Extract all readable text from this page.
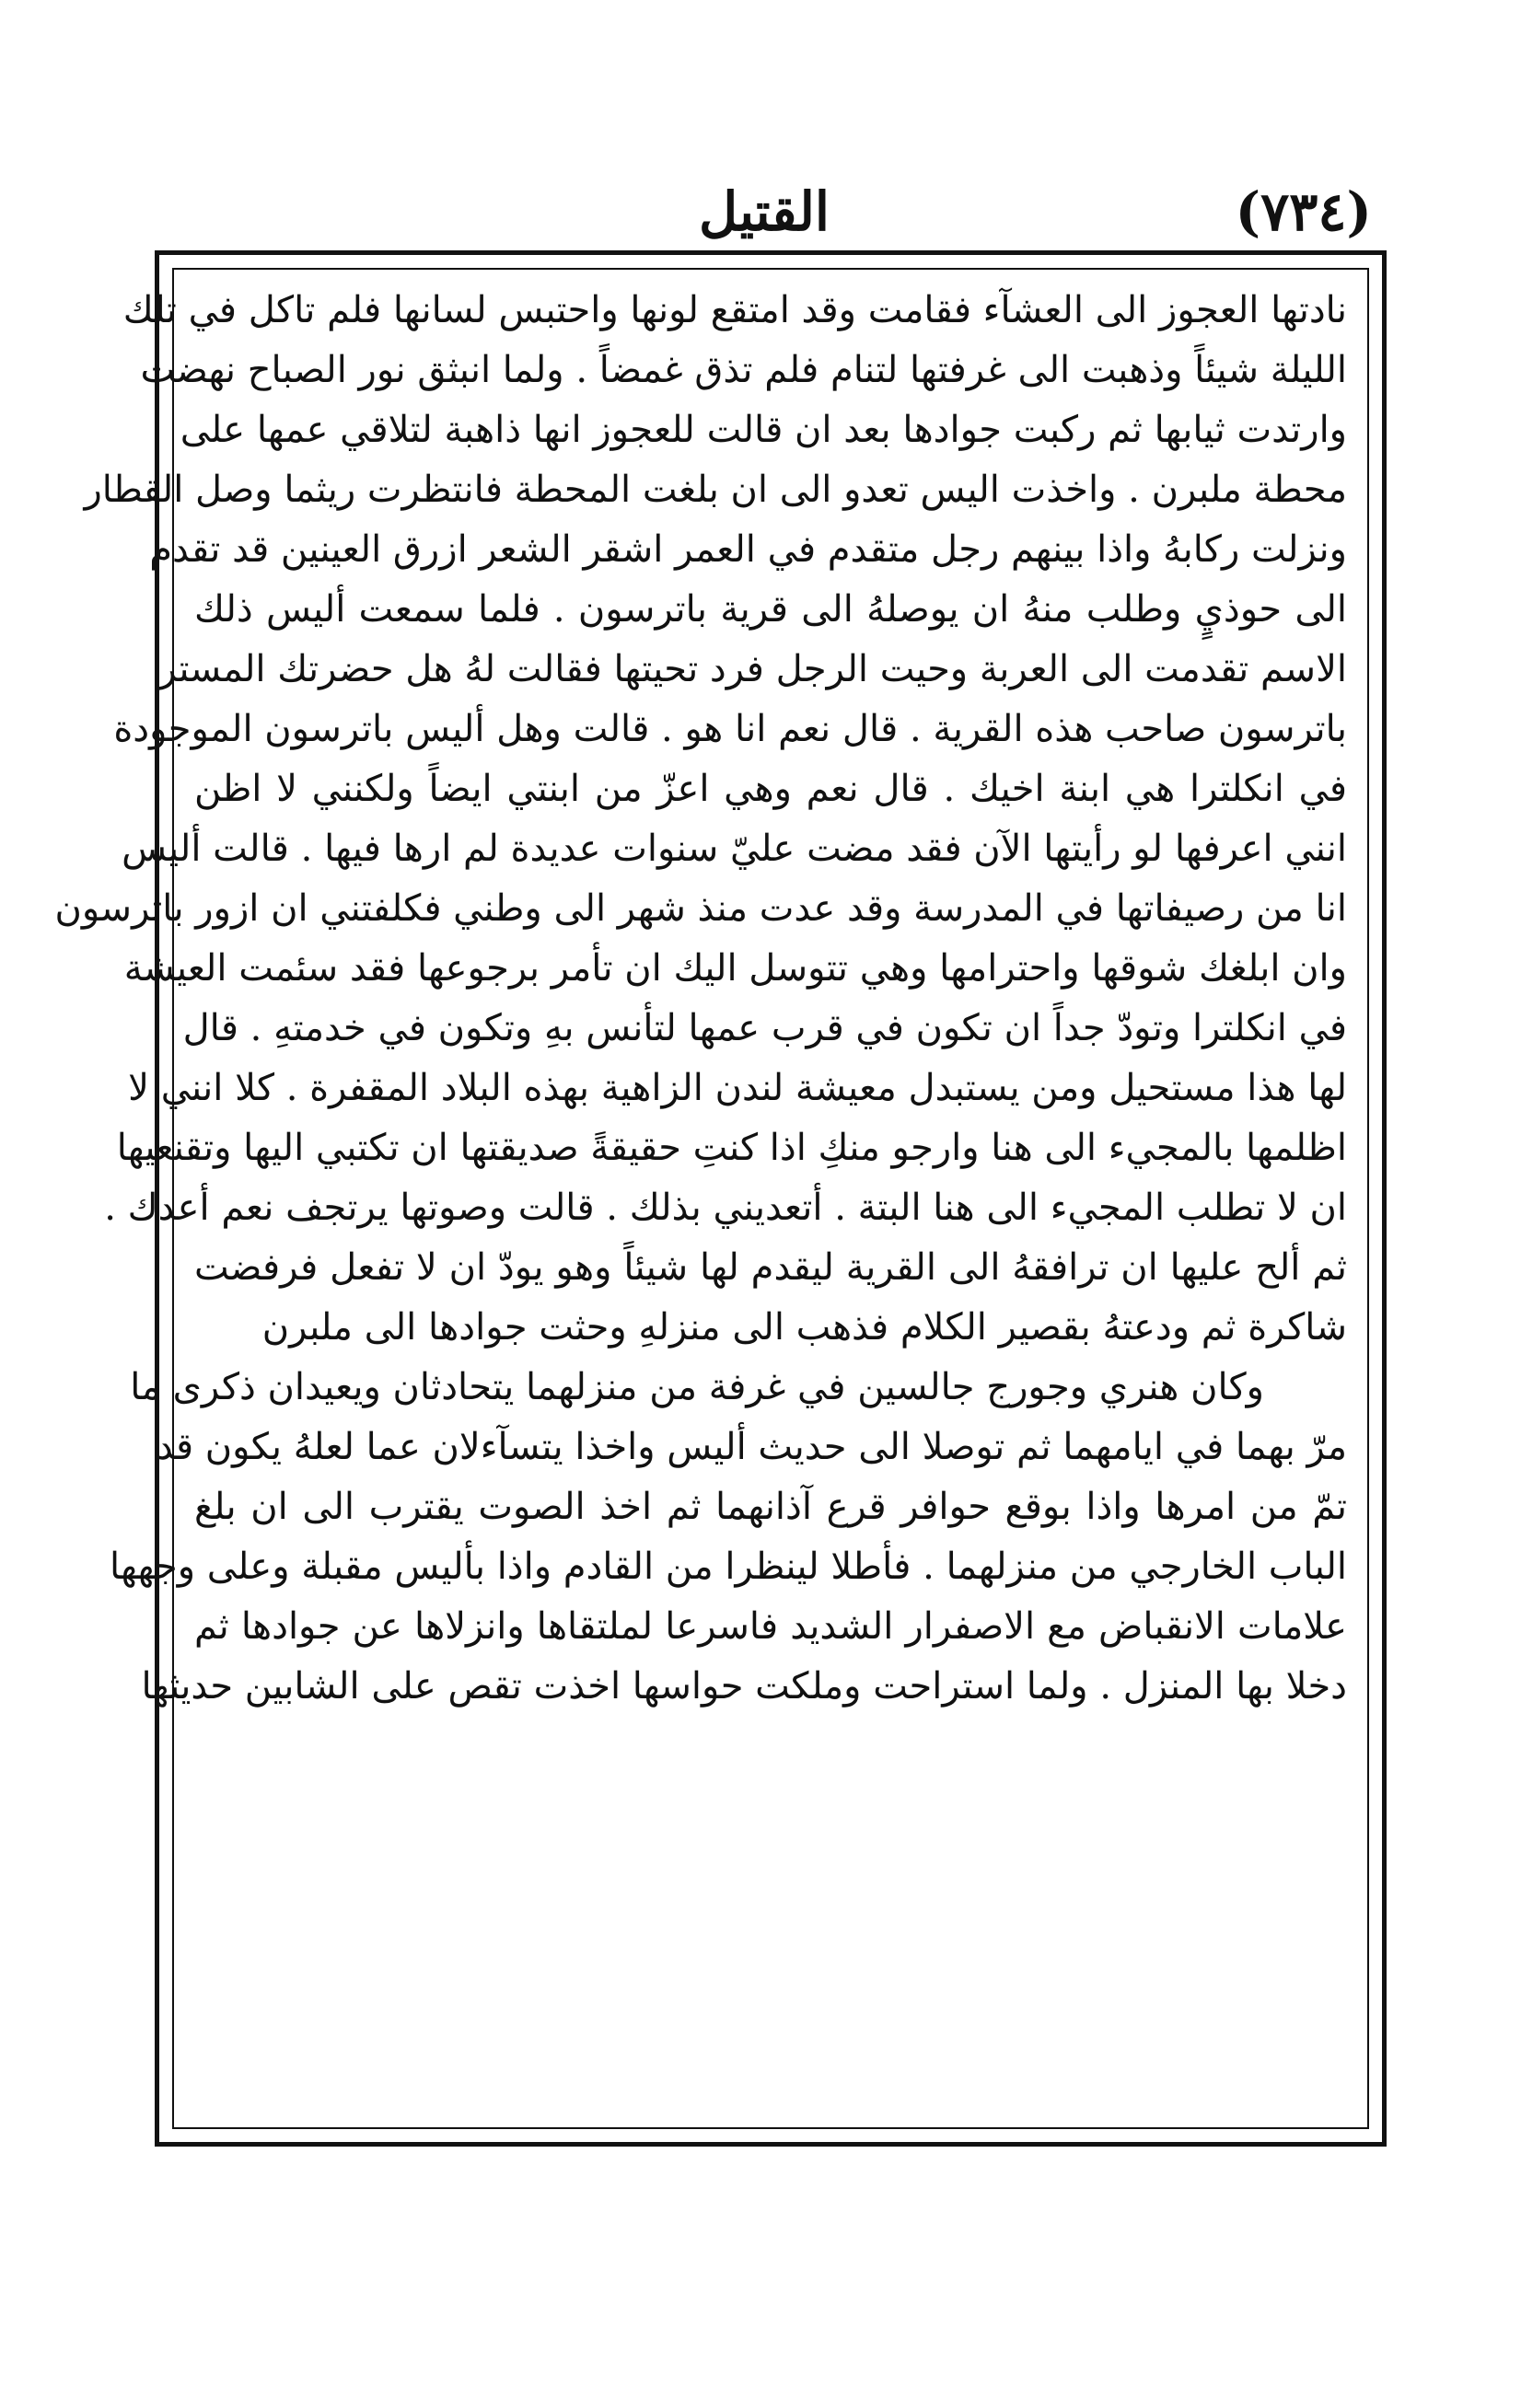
(٧٣٤)
القتيل
نادتها العجوز الى العشآء فقامت وقد امتقع لونها واحتبس لسانها فلم تاكل في تلك
الليلة شيئاً وذهبت الى غرفتها لتنام فلم تذق غمضاً . ولما انبثق نور الصباح نهضت
وارتدت ثيابها ثم ركبت جوادها بعد ان قالت للعجوز انها ذاهبة لتلاقي عمها على
محطة ملبرن . واخذت اليس تعدو الى ان بلغت المحطة فانتظرت ريثما وصل القطار
ونزلت ركابهُ واذا بينهم رجل متقدم في العمر اشقر الشعر ازرق العينين قد تقدم
الى حوذيٍ وطلب منهُ ان يوصلهُ الى قرية باترسون . فلما سمعت أليس ذلك
الاسم تقدمت الى العربة وحيت الرجل فرد تحيتها فقالت لهُ هل حضرتك المستر
باترسون صاحب هذه القرية . قال نعم انا هو . قالت وهل أليس باترسون الموجودة
في انكلترا هي ابنة اخيك . قال نعم وهي اعزّ من ابنتي ايضاً ولكنني لا اظن
انني اعرفها لو رأيتها الآن فقد مضت عليّ سنوات عديدة لم ارها فيها . قالت أليس
انا من رصيفاتها في المدرسة وقد عدت منذ شهر الى وطني فكلفتني ان ازور باترسون
وان ابلغك شوقها واحترامها وهي تتوسل اليك ان تأمر برجوعها فقد سئمت العيشة
في انكلترا وتودّ جداً ان تكون في قرب عمها لتأنس بهِ وتكون في خدمتهِ . قال
لها هذا مستحيل ومن يستبدل معيشة لندن الزاهية بهذه البلاد المقفرة . كلا انني لا
اظلمها بالمجيء الى هنا وارجو منكِ اذا كنتِ حقيقةً صديقتها ان تكتبي اليها وتقنعيها
ان لا تطلب المجيء الى هنا البتة . أتعديني بذلك . قالت وصوتها يرتجف نعم أعدك .
ثم ألح عليها ان ترافقهُ الى القرية ليقدم لها شيئاً وهو يودّ ان لا تفعل فرفضت
شاكرة ثم ودعتهُ بقصير الكلام فذهب الى منزلهِ وحثت جوادها الى ملبرن
وكان هنري وجورج جالسين في غرفة من منزلهما يتحادثان ويعيدان ذكرى ما
مرّ بهما في ايامهما ثم توصلا الى حديث أليس واخذا يتسآءلان عما لعلهُ يكون قد
تمّ من امرها واذا بوقع حوافر قرع آذانهما ثم اخذ الصوت يقترب الى ان بلغ
الباب الخارجي من منزلهما . فأطلا لينظرا من القادم واذا بأليس مقبلة وعلى وجهها
علامات الانقباض مع الاصفرار الشديد فاسرعا لملتقاها وانزلاها عن جوادها ثم
دخلا بها المنزل . ولما استراحت وملكت حواسها اخذت تقص على الشابين حديثها
